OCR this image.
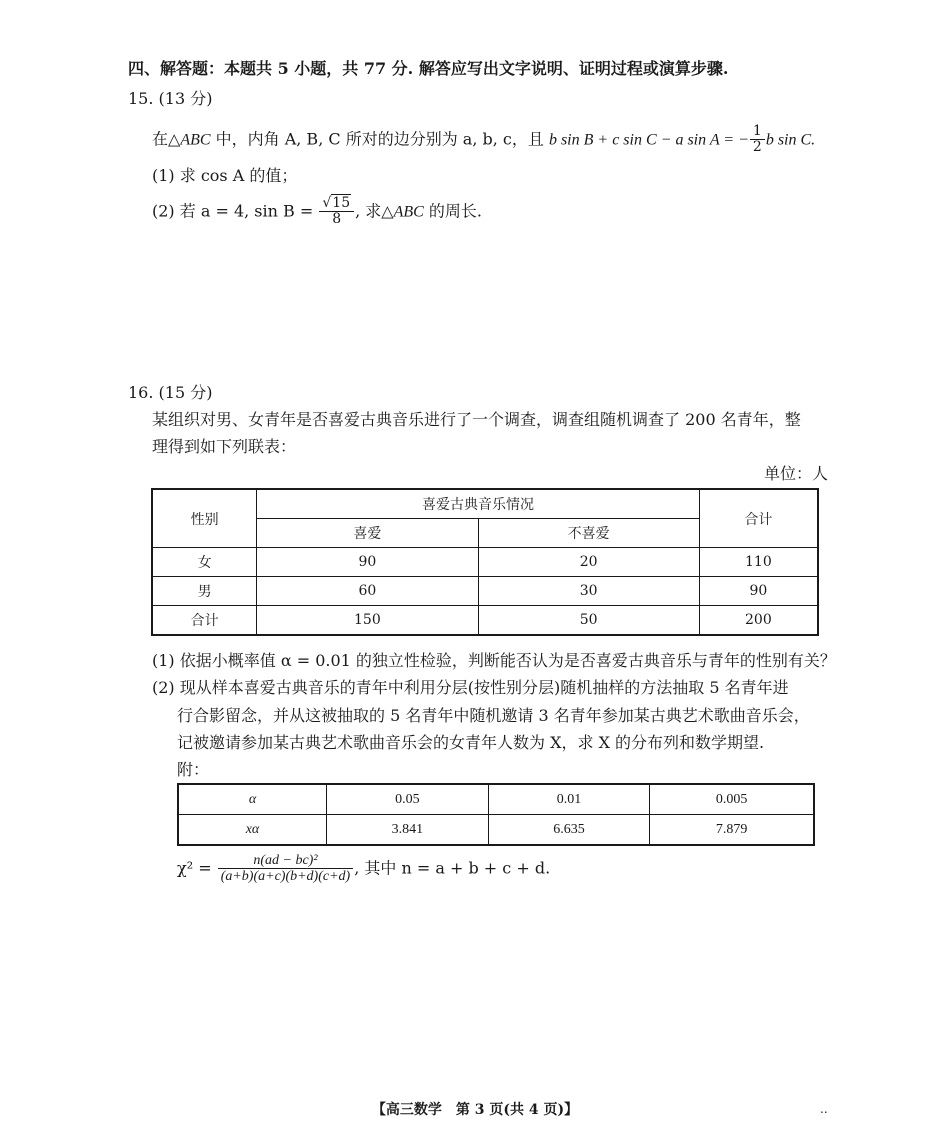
四、解答题：本题共 5 小题，共 77 分. 解答应写出文字说明、证明过程或演算步骤.
15. (13 分)
在△ABC 中，内角 A, B, C 所对的边分别为 a, b, c，且 b sin B + c sin C − a sin A = − $\frac{1}{2}$ b sin C.
(1) 求 cos A 的值；
(2) 若 a = 4, $\sin B = \frac{√15}{8}$ , 求△ABC 的周长.
16. (15 分)
某组织对男、女青年是否喜爱古典音乐进行了一个调查，调查组随机调查了 200 名青年，整
理得到如下列联表：
单位：人
性别	喜爱古典音乐情况		合计
	喜爱	不喜爱	
女	90	20	110
男	60	30	90
合计	150	50	200
(1) 依据小概率值 α = 0.01 的独立性检验，判断能否认为是否喜爱古典音乐与青年的性别有关？
(2) 现从样本喜爱古典音乐的青年中利用分层(按性别分层)随机抽样的方法抽取 5 名青年进
行合影留念，并从这被抽取的 5 名青年中随机邀请 3 名青年参加某古典艺术歌曲音乐会，
记被邀请参加某古典艺术歌曲音乐会的女青年人数为 X，求 X 的分布列和数学期望.
附：
α	0.05	0.01	0.005
xα	3.841	6.635	7.879
$\chi^2 = \frac{\text{n(ad − bc)²}}{(a+b)(a+c)(b+d)(c+d)}$ , 其中 n = a + b + c + d.
【高三数学　第 3 页(共 4 页)】	..
